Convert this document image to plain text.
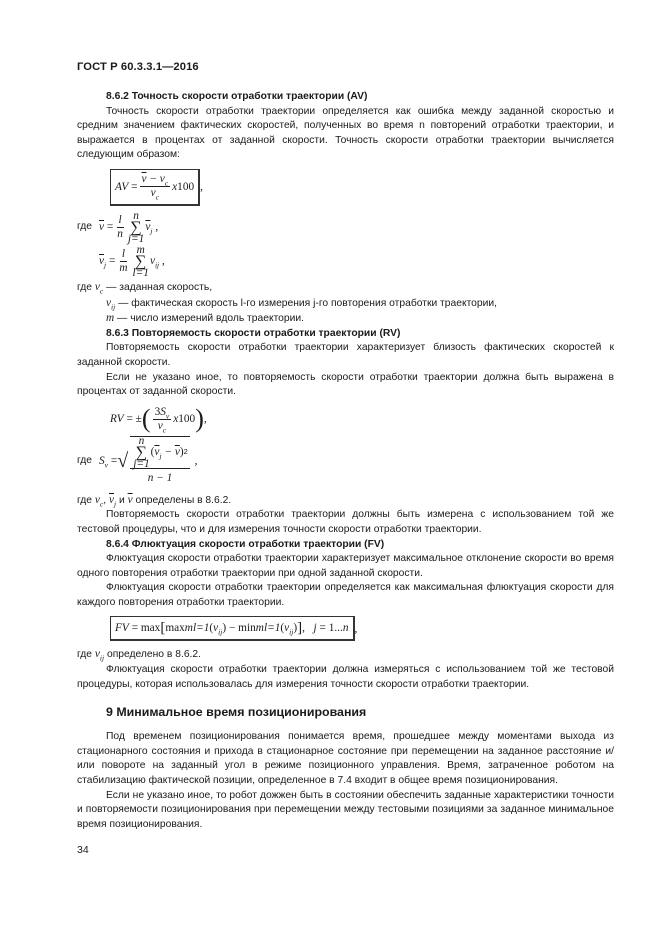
ГОСТ Р 60.3.3.1—2016

8.6.2 Точность скорости отработки траектории (AV)

Точность скорости отработки траектории определяется как ошибка между заданной скоростью и средним значением фактических скоростей, полученных во время n повторений отработки траектории, и выражается в процентах от заданной скорости. Точность скорости отработки траектории вычисляется следующим образом:

AV
= $\frac{\overline{v} - v_c}{v_c}$ x 100 ,
где $\overline{v}$
= $\frac{l}{n}$ n
∑
j=1
$\overline{v}_j$
,
$\overline{v}_j$
= $\frac{l}{m}$ m
∑
l=1
$v_{ij}$
,
где $v_c$ — заданная скорость,
$v_{ij}$
— фактическая скорость l-го измерения j-го повторения отработки траектории,
m
— число измерений вдоль траектории.

8.6.3 Повторяемость скорости отработки траектории (RV)

Повторяемость скорости отработки траектории характеризует близость фактических скоростей к заданной скорости.

Если не указано иное, то повторяемость скорости отработки траектории должна быть выражена в процентах от заданной скорости.

RV
= ± ( $\frac{3S_v}{v_c}$ x 100 ) ,
где $S_v$
= √ n
∑
j=1
( $\overline{v}_j - \overline{v}$ ) 2
n − 1
,
где $v_c$, $\overline{v}_j$ и $\overline{v}$ определены в 8.6.2.

Повторяемость скорости отработки траектории должны быть измерена с использованием той же тестовой процедуры, что и для измерения точности скорости отработки траектории.

8.6.4 Флюктуация скорости отработки траектории (FV)

Флюктуация скорости отработки траектории характеризует максимальное отклонение скорости во время одного повторения отработки траектории при одной заданной скорости.

Флюктуация скорости отработки траектории определяется как максимальная флюктуация скорости для каждого повторения отработки траектории.

FV
= max [ max m l=1 ( $v_{ij}$ )
− min m l=1 ( $v_{ij}$ ) ] ,
j
= 1... n ,
где $v_{ij}$ определено в 8.6.2.

Флюктуация скорости отработки траектории должна измеряться с использованием той же тестовой процедуры, которая использовалась для измерения точности скорости отработки траектории.

9 Минимальное время позиционирования

Под временем позиционирования понимается время, прошедшее между моментами выхода из стационарного состояния и прихода в стационарное состояние при перемещении на заданное расстояние и/или повороте на заданный угол в режиме позиционного управления. Время, затраченное роботом на стабилизацию фактической позиции, определенное в 7.4 входит в общее время позиционирования.

Если не указано иное, то робот дожжен быть в состоянии обеспечить заданные характеристики точности и повторяемости позиционирования при перемещении между тестовыми позициями за заданное минимальное время позиционирования.

34
